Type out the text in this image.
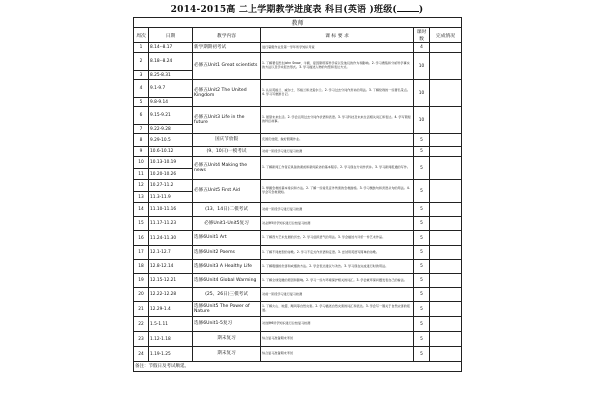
2014-2015高 二上学期教学进度表 科目(英语 )班级( )
教师					
周次	日期	教学内容	课 标 要 求	课时数	完成情况
1	8.14--8.17	新学期期初考试	进行暑假作业及第一学年所学知识考查	4	
2	8.18--8.24	必修五Unit1 Great scientists	1. 了解著名医生John Snow、牛顿、爱因斯坦等科学家以及他们的作为和影响。2. 学习搜集和分析科学事实的方法以及学术报告形式。3. 学习描述人物的句型和表达方式。	10	
3	8.25-8.31				
4	9.1-9.7	必修五Unit2 The United Kingdom	1. 认识英格兰、威尔士、苏格兰和北爱尔兰。2. 学习过去分词作宾补的用法。3. 了解伦敦的一些著名景点。4. 学习写旅游日记。	10	
5	9.8-9.14				
6	9.15-9.21	必修五Unit3 Life in the future	1. 展望未来生活。2. 学会运用过去分词作状语和表语。3. 学习科技及未来生活相关词汇和表达。4. 学写简短的科幻故事。	10	
7	9.22-9.28				
8	9.29-10.5	国庆节放假	庆国庆放假，做好假期作业。	5	
9	10.6-10.12	(9、10日)一模考试	对前一阶段学习进行复习检测	5	
10	10.13-10.19	必修五Unit4 Making the news	1. 了解新闻工作者应具备的素质和新闻采访的基本程序。2. 学习现在分词作宾补。3. 学习新闻报道的写作。	5	
11	10.20-10.26				
12	10.27-11.2	必修五Unit5 First Aid	1. 掌握急救的基本常识和方法。2. 了解一些常见意外伤害的急救措施。3. 学习倒装句和宾语从句的用法。4. 学会写急救须知。	5	
13	11.3-11.9				
14	11.10-11.16	(13、14日)二模考试	对前一阶段学习进行复习检测	5	
15	11.17-11.23	必修Unit1-Unit5复习	对必修5所学知识进行总结复习检测	5	
16	11.24-11.30	选修6Unit1 Art	1. 了解西方艺术发展的历史。2. 学习虚拟语气的用法。3. 学会描述与评价一件艺术作品。	5	
17	12.1-12.7	选修6Unit2 Poems	1. 了解不同类型的诗歌。2. 学习不定式作宾语和定语。3. 尝试用英语写简单的诗歌。	5	
18	12.8-12.14	选修6Unit3 A Healthy Life	1. 了解吸烟的危害和戒烟的方法。2. 学会表达建议与劝告。3. 学习现在完成进行时的用法。	5	
19	12.15-12.21	选修6Unit4 Global Warming	1. 了解全球变暖的原因和影响。2. 学习一些与环境保护相关的词汇。3. 学会就环保问题发表自己的看法。	5	
20	12.22-12.28	(25、26日)三模考试	对前一阶段学习进行复习检测	5	
21	12.29-1.4	选修6Unit5 The Power of Nature	1. 了解火山、地震、飓风等自然灾害。2. 学习描述自然灾害的词汇和表达。3. 学会写一篇关于自然灾害的报道。	5	
22	1.5-1.11	选修6Unit1-5复习	对选修6所学知识进行总结复习检测	5	
23	1.12-1.18	期末复习	综合复习准备期末考试	5	
24	1.19-1.25	期末复习	综合复习准备期末考试	5	
备注：节假日及考试顺延。					
